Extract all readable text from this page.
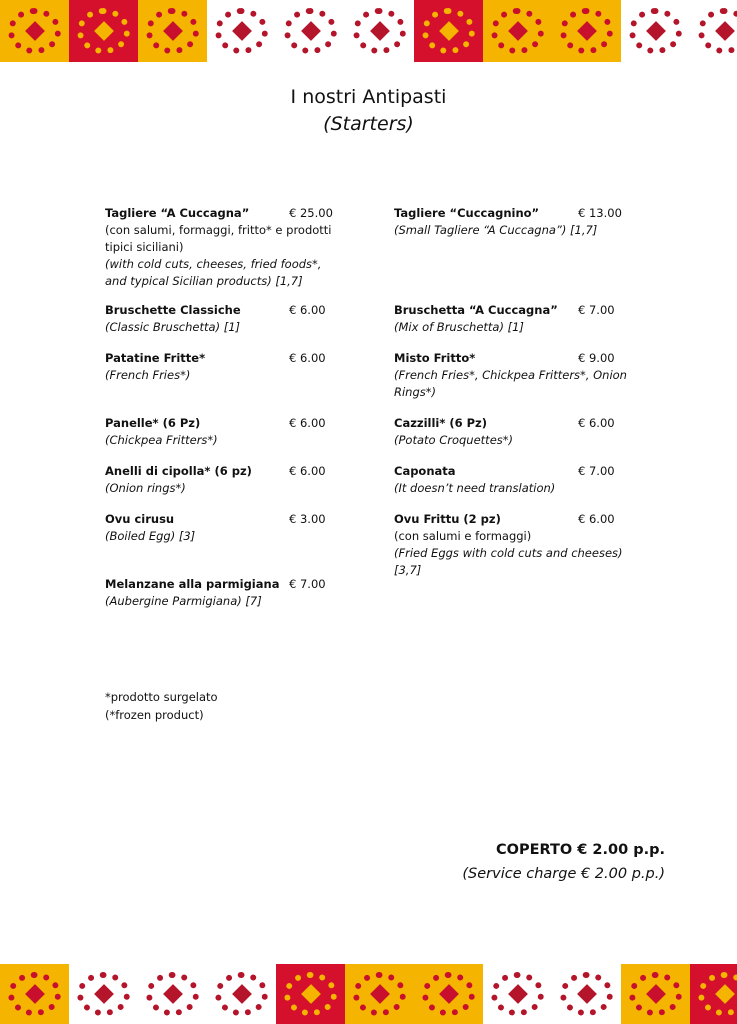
I nostri Antipasti
(Starters)
Tagliere “A Cuccagna”	€ 25.00
(con salumi, formaggi, fritto* e prodotti tipici siciliani)
(with cold cuts, cheeses, fried foods*, and typical Sicilian products) [1,7]
Bruschette Classiche	€ 6.00
(Classic Bruschetta) [1]
Patatine Fritte*	€ 6.00
(French Fries*)
Panelle* (6 Pz)	€ 6.00
(Chickpea Fritters*)
Anelli di cipolla* (6 pz)	€ 6.00
(Onion rings*)
Ovu cirusu	€ 3.00
(Boiled Egg) [3]
Melanzane alla parmigiana € 7.00
(Aubergine Parmigiana) [7]
Tagliere “Cuccagnino”	€ 13.00
(Small Tagliere “A Cuccagna”) [1,7]
Bruschetta “A Cuccagna”	€ 7.00
(Mix of Bruschetta) [1]
Misto Fritto*	€ 9.00
(French Fries*, Chickpea Fritters*, Onion Rings*)
Cazzilli* (6 Pz)	€ 6.00
(Potato Croquettes*)
Caponata	€ 7.00
(It doesn’t need translation)
Ovu Frittu (2 pz)	€ 6.00
(con salumi e formaggi)
(Fried Eggs with cold cuts and cheeses) [3,7]
*prodotto surgelato
(*frozen product)
COPERTO € 2.00 p.p.
(Service charge € 2.00 p.p.)
